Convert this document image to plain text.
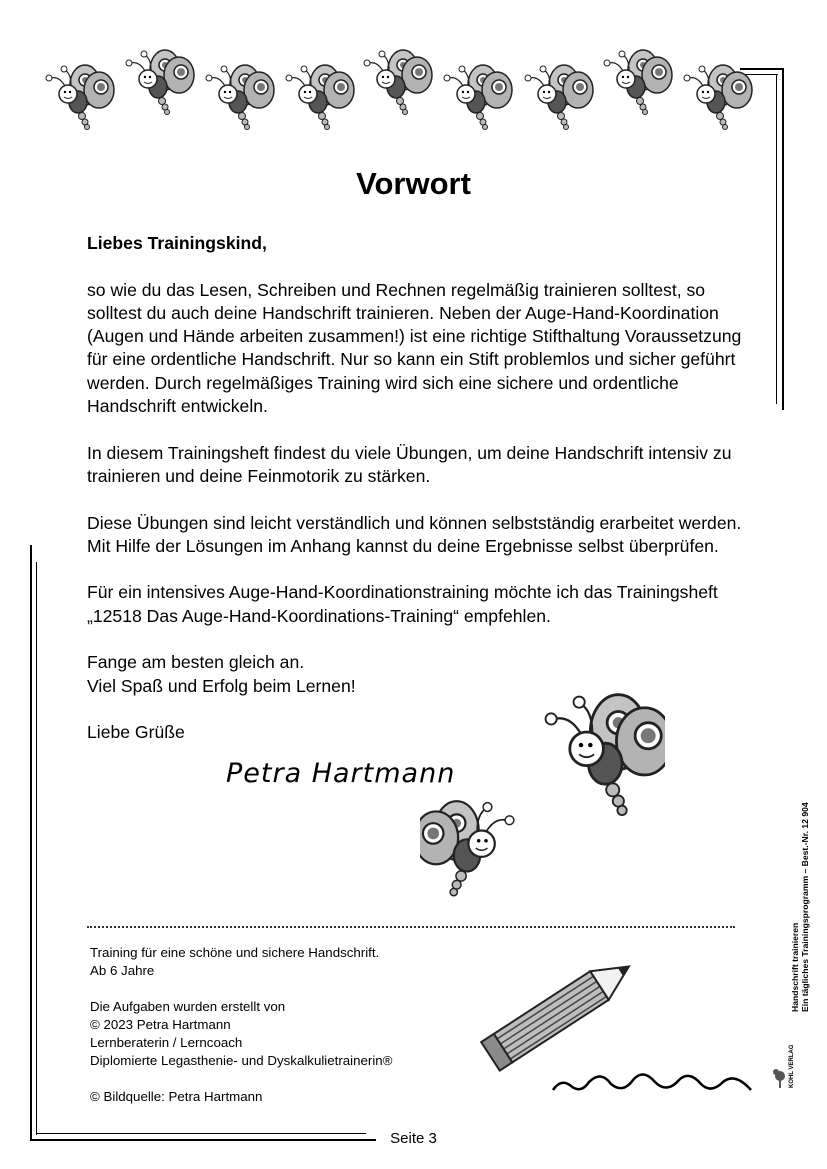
Vorwort

Liebes Trainingskind,

so wie du das Lesen, Schreiben und Rechnen regelmäßig trainieren solltest, so solltest du auch deine Handschrift trainieren. Neben der Auge-Hand-Koordination (Augen und Hände arbeiten zusammen!) ist eine richtige Stifthaltung Voraussetzung für eine ordentliche Handschrift. Nur so kann ein Stift problemlos und sicher geführt werden. Durch regelmäßiges Training wird sich eine sichere und ordentliche Handschrift entwickeln.

In diesem Trainingsheft findest du viele Übungen, um deine Handschrift intensiv zu trainieren und deine Feinmotorik zu stärken.

Diese Übungen sind leicht verständlich und können selbstständig erarbeitet werden. Mit Hilfe der Lösungen im Anhang kannst du deine Ergebnisse selbst überprüfen.

Für ein intensives Auge-Hand-Koordinationstraining möchte ich das Trainingsheft „12518 Das Auge-Hand-Koordinations-Training“ empfehlen.

Fange am besten gleich an.
Viel Spaß und Erfolg beim Lernen!

Liebe Grüße

Petra Hartmann
Training für eine schöne und sichere Handschrift.
Ab 6 Jahre
Die Aufgaben wurden erstellt von
© 2023 Petra Hartmann
Lernberaterin / Lerncoach
Diplomierte Legasthenie- und Dyskalkulietrainerin®
© Bildquelle: Petra Hartmann
Handschrift trainieren Ein tägliches Trainingsprogramm – Best.-Nr. 12 904
KOHL VERLAG
Seite 3
